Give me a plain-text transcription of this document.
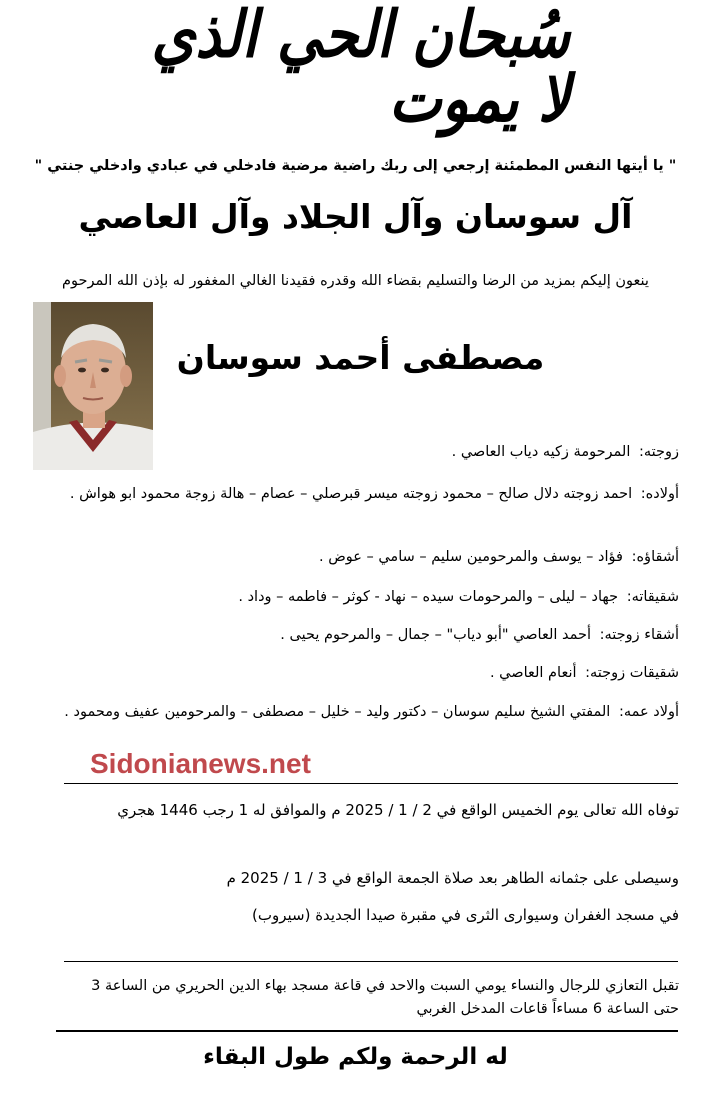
سُبحان الحي الذي لا يموت
" يا أيتها النفس المطمئنة إرجعي إلى ربك راضية مرضية فادخلي في عبادي وادخلي جنتي "
آل سوسان وآل الجلاد وآل العاصي
ينعون إليكم بمزيد من الرضا والتسليم بقضاء الله وقدره فقيدنا الغالي المغفور له بإذن الله المرحوم
مصطفى أحمد سوسان
زوجته: المرحومة زكيه دياب العاصي .
أولاده: احمد زوجته دلال صالح – محمود زوجته ميسر قبرصلي – عصام – هالة زوجة محمود ابو هواش .
أشقاؤه: فؤاد – يوسف والمرحومين سليم – سامي – عوض .
شقيقاته: جهاد – ليلى – والمرحومات سيده – نهاد - كوثر – فاطمه – وداد .
أشقاء زوجته: أحمد العاصي "أبو دياب" – جمال – والمرحوم يحيى .
شقيقات زوجته: أنعام العاصي .
أولاد عمه: المفتي الشيخ سليم سوسان – دكتور وليد – خليل – مصطفى – والمرحومين عفيف ومحمود .
Sidonianews.net
توفاه الله تعالى يوم الخميس الواقع في 2 / 1 / 2025 م والموافق له 1 رجب 1446 هجري
وسيصلى على جثمانه الطاهر بعد صلاة الجمعة الواقع في 3 / 1 / 2025 م
في مسجد الغفران وسيوارى الثرى في مقبرة صيدا الجديدة (سيروب)
تقبل التعازي للرجال والنساء يومي السبت والاحد في قاعة مسجد بهاء الدين الحريري من الساعة 3 حتى الساعة 6 مساءاً قاعات المدخل الغربي
له الرحمة ولكم طول البقاء
